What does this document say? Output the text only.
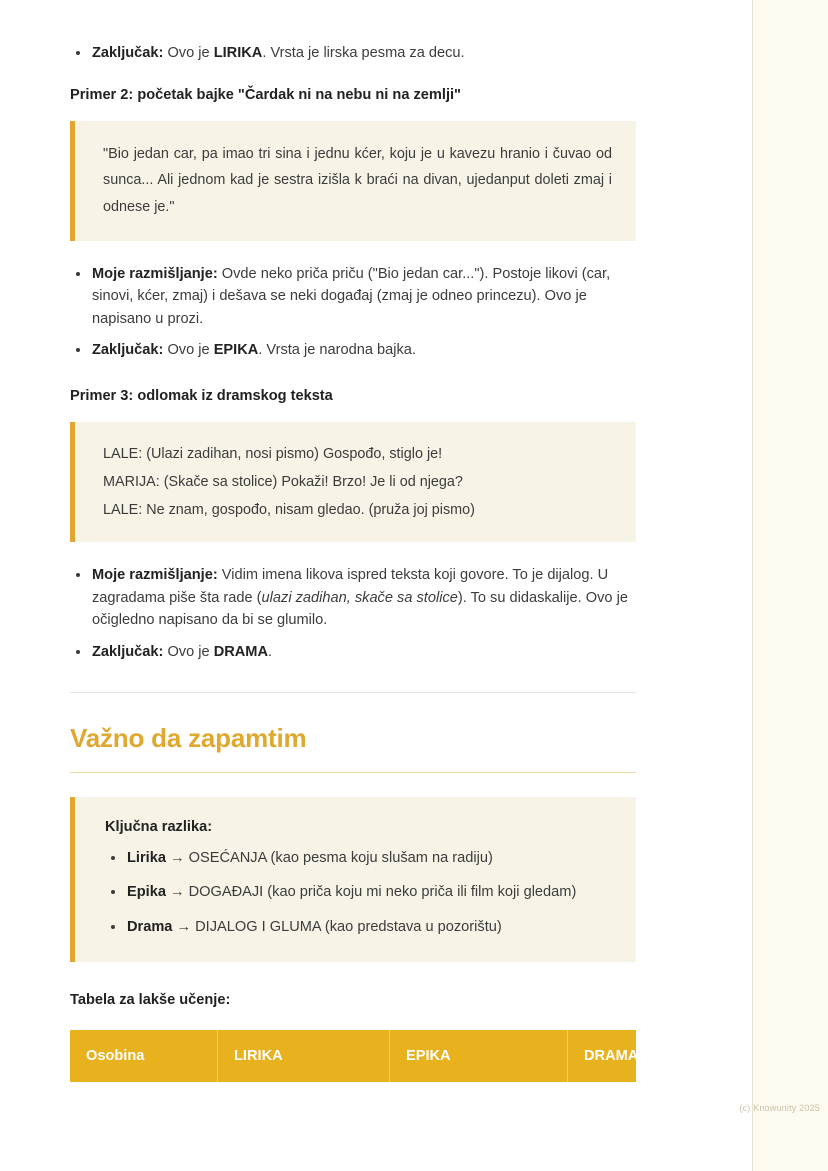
(c) Knowunity 2025
Zaključak: Ovo je LIRIKA. Vrsta je lirska pesma za decu.
Primer 2: početak bajke "Čardak ni na nebu ni na zemlji"
"Bio jedan car, pa imao tri sina i jednu kćer, koju je u kavezu hranio i čuvao od sunca... Ali jednom kad je sestra izišla k braći na divan, ujedanput doleti zmaj i odnese je."
Moje razmišljanje: Ovde neko priča priču ("Bio jedan car..."). Postoje likovi (car, sinovi, kćer, zmaj) i dešava se neki događaj (zmaj je odneo princezu). Ovo je napisano u prozi.
Zaključak: Ovo je EPIKA. Vrsta je narodna bajka.
Primer 3: odlomak iz dramskog teksta
LALE: (Ulazi zadihan, nosi pismo) Gospođo, stiglo je!
MARIJA: (Skače sa stolice) Pokaži! Brzo! Je li od njega?
LALE: Ne znam, gospođo, nisam gledao. (pruža joj pismo)
Moje razmišljanje: Vidim imena likova ispred teksta koji govore. To je dijalog. U zagradama piše šta rade (ulazi zadihan, skače sa stolice). To su didaskalije. Ovo je očigledno napisano da bi se glumilo.
Zaključak: Ovo je DRAMA.
Važno da zapamtim
Ključna razlika:
Lirika → OSEĆANJA (kao pesma koju slušam na radiju)
Epika → DOGAĐAJI (kao priča koju mi neko priča ili film koji gledam)
Drama → DIJALOG I GLUMA (kao predstava u pozorištu)
Tabela za lakše učenje:
Osobina	LIRIKA	EPIKA	DRAMA
